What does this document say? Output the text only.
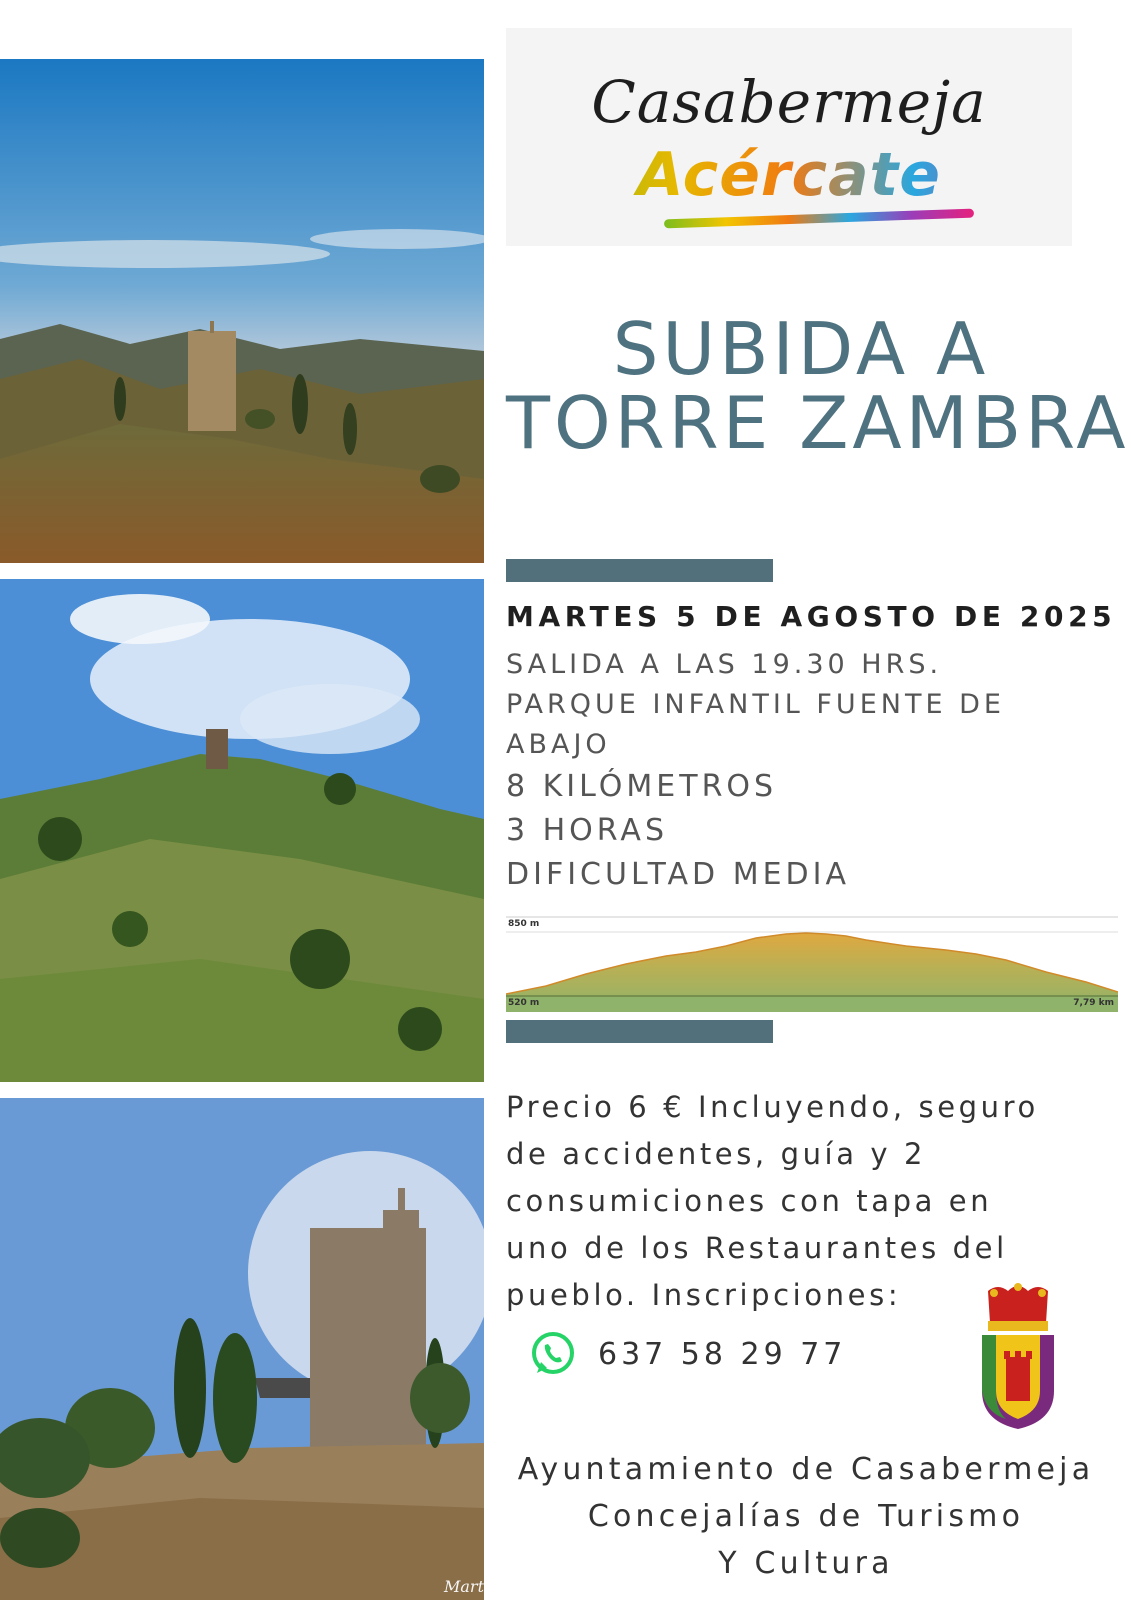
Mart
Casabermeja
Acércate
SUBIDA A
TORRE ZAMBRA
MARTES 5 DE AGOSTO DE 2025
SALIDA A LAS 19.30 HRS.
PARQUE INFANTIL FUENTE DE ABAJO
8 KILÓMETROS
3 HORAS
DIFICULTAD MEDIA
850 m
520 m	7,79 km
Precio 6 € Incluyendo, seguro de accidentes, guía y 2 consumiciones con tapa en uno de los Restaurantes del pueblo. Inscripciones:
637 58 29 77
Ayuntamiento de Casabermeja
Concejalías de Turismo
Y Cultura
